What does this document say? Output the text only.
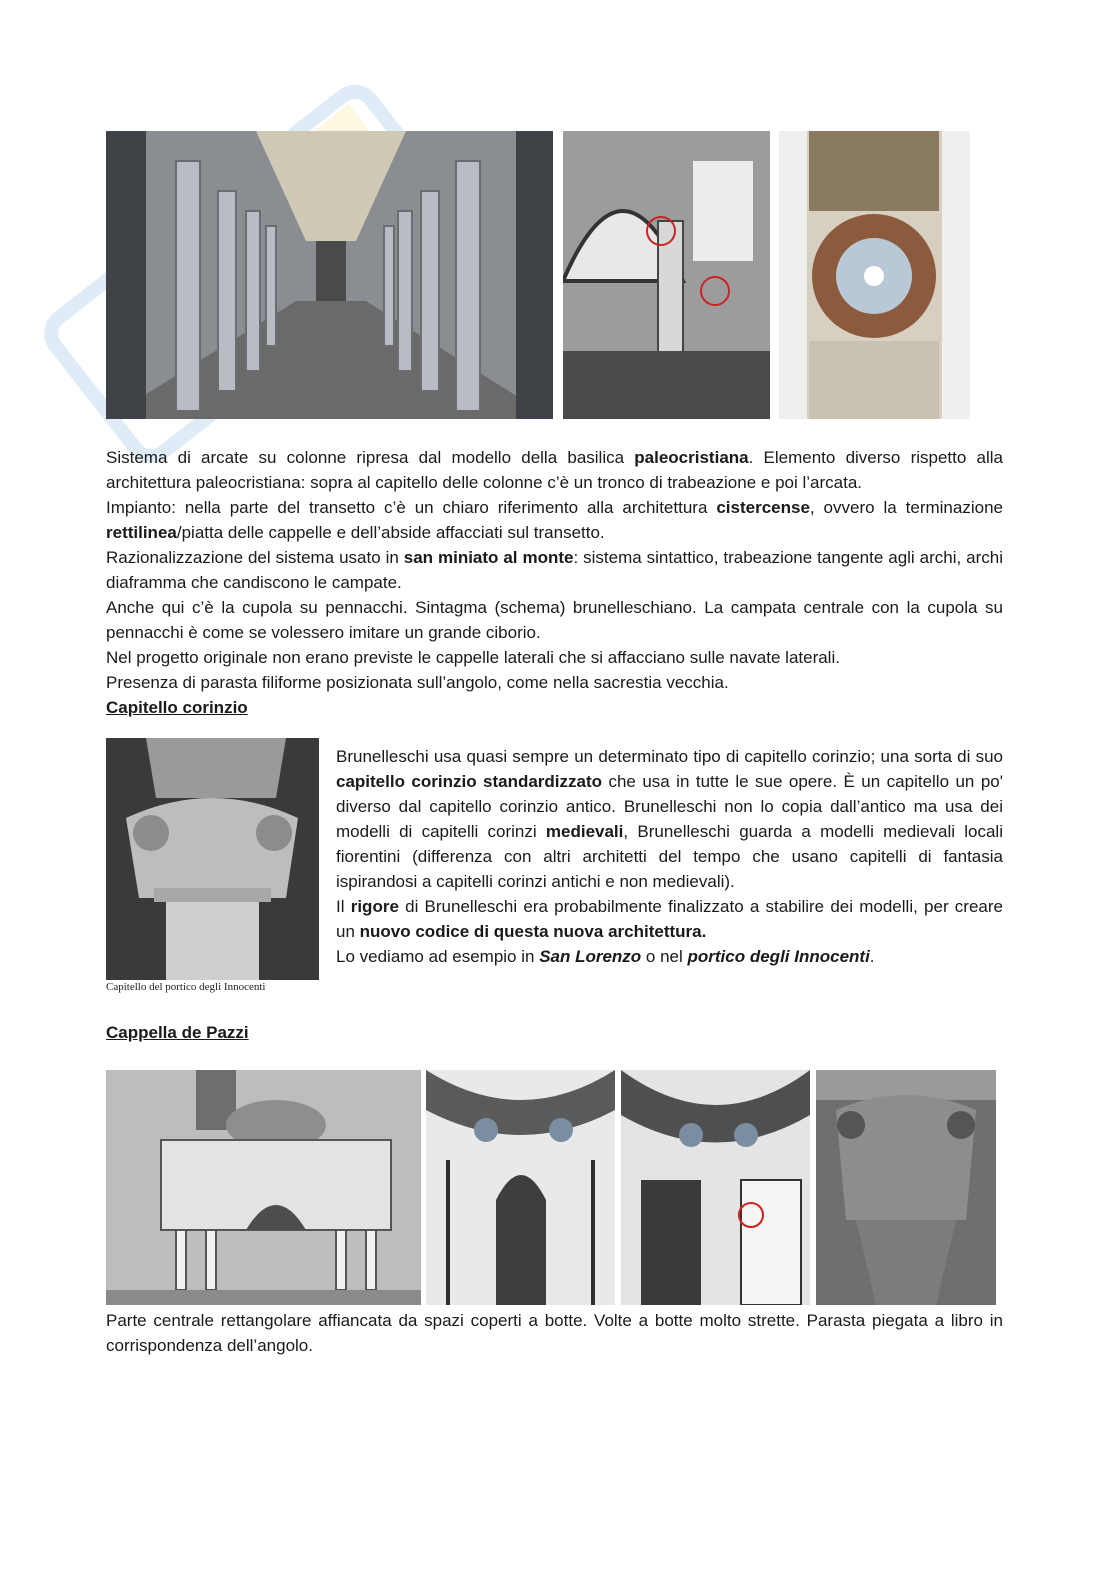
Sistema di arcate su colonne ripresa dal modello della basilica paleocristiana. Elemento diverso rispetto alla architettura paleocristiana: sopra al capitello delle colonne c’è un tronco di trabeazione e poi l’arcata.

Impianto: nella parte del transetto c’è un chiaro riferimento alla architettura cistercense, ovvero la terminazione rettilinea/piatta delle cappelle e dell’abside affacciati sul transetto.

Razionalizzazione del sistema usato in san miniato al monte: sistema sintattico, trabeazione tangente agli archi, archi diaframma che candiscono le campate.

Anche qui c’è la cupola su pennacchi. Sintagma (schema) brunelleschiano. La campata centrale con la cupola su pennacchi è come se volessero imitare un grande ciborio.

Nel progetto originale non erano previste le cappelle laterali che si affacciano sulle navate laterali.

Presenza di parasta filiforme posizionata sull’angolo, come nella sacrestia vecchia.

Capitello corinzio
Capitello del portico degli Innocenti

Brunelleschi usa quasi sempre un determinato tipo di capitello corinzio; una sorta di suo capitello corinzio standardizzato che usa in tutte le sue opere. È un capitello un po' diverso dal capitello corinzio antico. Brunelleschi non lo copia dall’antico ma usa dei modelli di capitelli corinzi medievali, Brunelleschi guarda a modelli medievali locali fiorentini (differenza con altri architetti del tempo che usano capitelli di fantasia ispirandosi a capitelli corinzi antichi e non medievali).

Il rigore di Brunelleschi era probabilmente finalizzato a stabilire dei modelli, per creare un nuovo codice di questa nuova architettura.

Lo vediamo ad esempio in San Lorenzo o nel portico degli Innocenti.

Cappella de Pazzi

Parte centrale rettangolare affiancata da spazi coperti a botte. Volte a botte molto strette. Parasta piegata a libro in corrispondenza dell’angolo.
